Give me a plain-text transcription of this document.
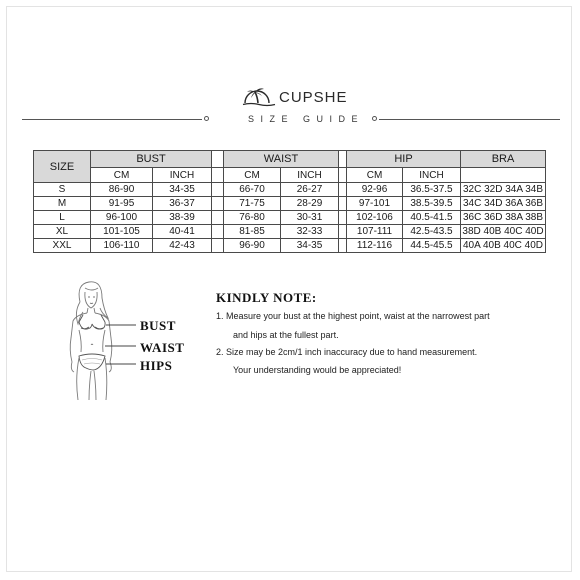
CUPSHE
SIZE GUIDE
SIZE	BUST			WAIST			HIP		BRA
	CM	INCH		CM	INCH		CM	INCH	
S	86-90	34-35		66-70	26-27		92-96	36.5-37.5	32C 32D 34A 34B
M	91-95	36-37		71-75	28-29		97-101	38.5-39.5	34C 34D 36A 36B
L	96-100	38-39		76-80	30-31		102-106	40.5-41.5	36C 36D 38A 38B
XL	101-105	40-41		81-85	32-33		107-111	42.5-43.5	38D 40B 40C 40D
XXL	106-110	42-43		96-90	34-35		112-116	44.5-45.5	40A 40B 40C 40D
BUST
WAIST
HIPS
KINDLY NOTE:
1. Measure your bust at the highest point, waist at the narrowest part
and hips at the fullest part.
2. Size may be 2cm/1 inch inaccuracy due to hand measurement.
Your understanding would be appreciated!
